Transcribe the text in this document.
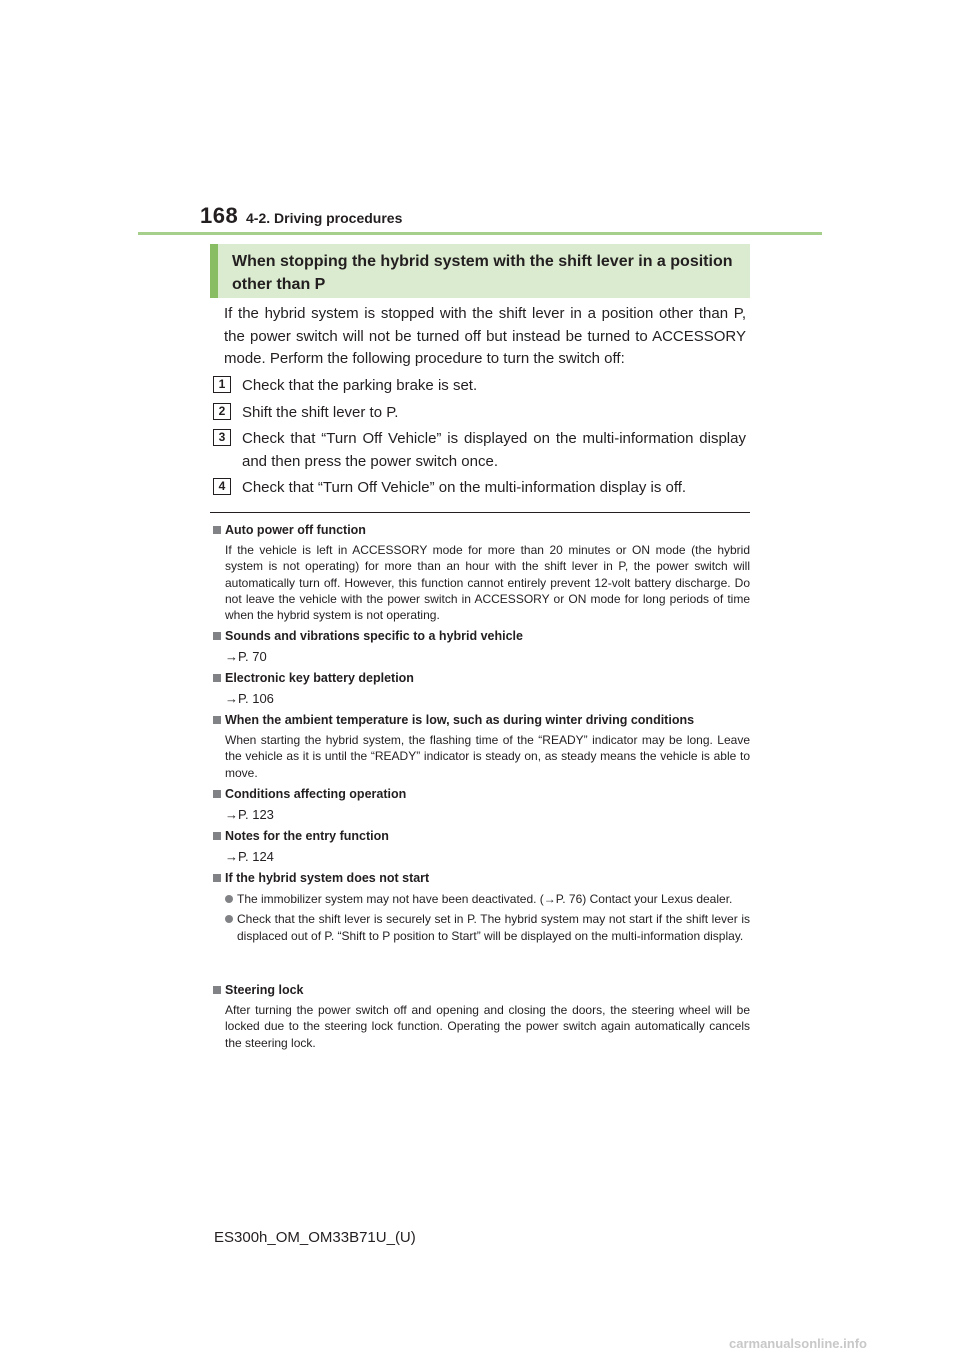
168 4-2. Driving procedures
When stopping the hybrid system with the shift lever in a position other than P
If the hybrid system is stopped with the shift lever in a position other than P, the power switch will not be turned off but instead be turned to ACCESSORY mode. Perform the following procedure to turn the switch off:
1	Check that the parking brake is set.
2	Shift the shift lever to P.
3	Check that “Turn Off Vehicle” is displayed on the multi-information display and then press the power switch once.
4	Check that “Turn Off Vehicle” on the multi-information display is off.
Auto power off function
If the vehicle is left in ACCESSORY mode for more than 20 minutes or ON mode (the hybrid system is not operating) for more than an hour with the shift lever in P, the power switch will automatically turn off. However, this function cannot entirely prevent 12-volt battery discharge. Do not leave the vehicle with the power switch in ACCESSORY or ON mode for long periods of time when the hybrid system is not operating.
Sounds and vibrations specific to a hybrid vehicle
→P. 70
Electronic key battery depletion
→P. 106
When the ambient temperature is low, such as during winter driving conditions
When starting the hybrid system, the flashing time of the “READY” indicator may be long. Leave the vehicle as it is until the “READY” indicator is steady on, as steady means the vehicle is able to move.
Conditions affecting operation
→P. 123
Notes for the entry function
→P. 124
If the hybrid system does not start
The immobilizer system may not have been deactivated. (→P. 76) Contact your Lexus dealer.
Check that the shift lever is securely set in P. The hybrid system may not start if the shift lever is displaced out of P. “Shift to P position to Start” will be displayed on the multi-information display.
Steering lock
After turning the power switch off and opening and closing the doors, the steering wheel will be locked due to the steering lock function. Operating the power switch again automatically cancels the steering lock.
ES300h_OM_OM33B71U_(U)
carmanualsonline.info
